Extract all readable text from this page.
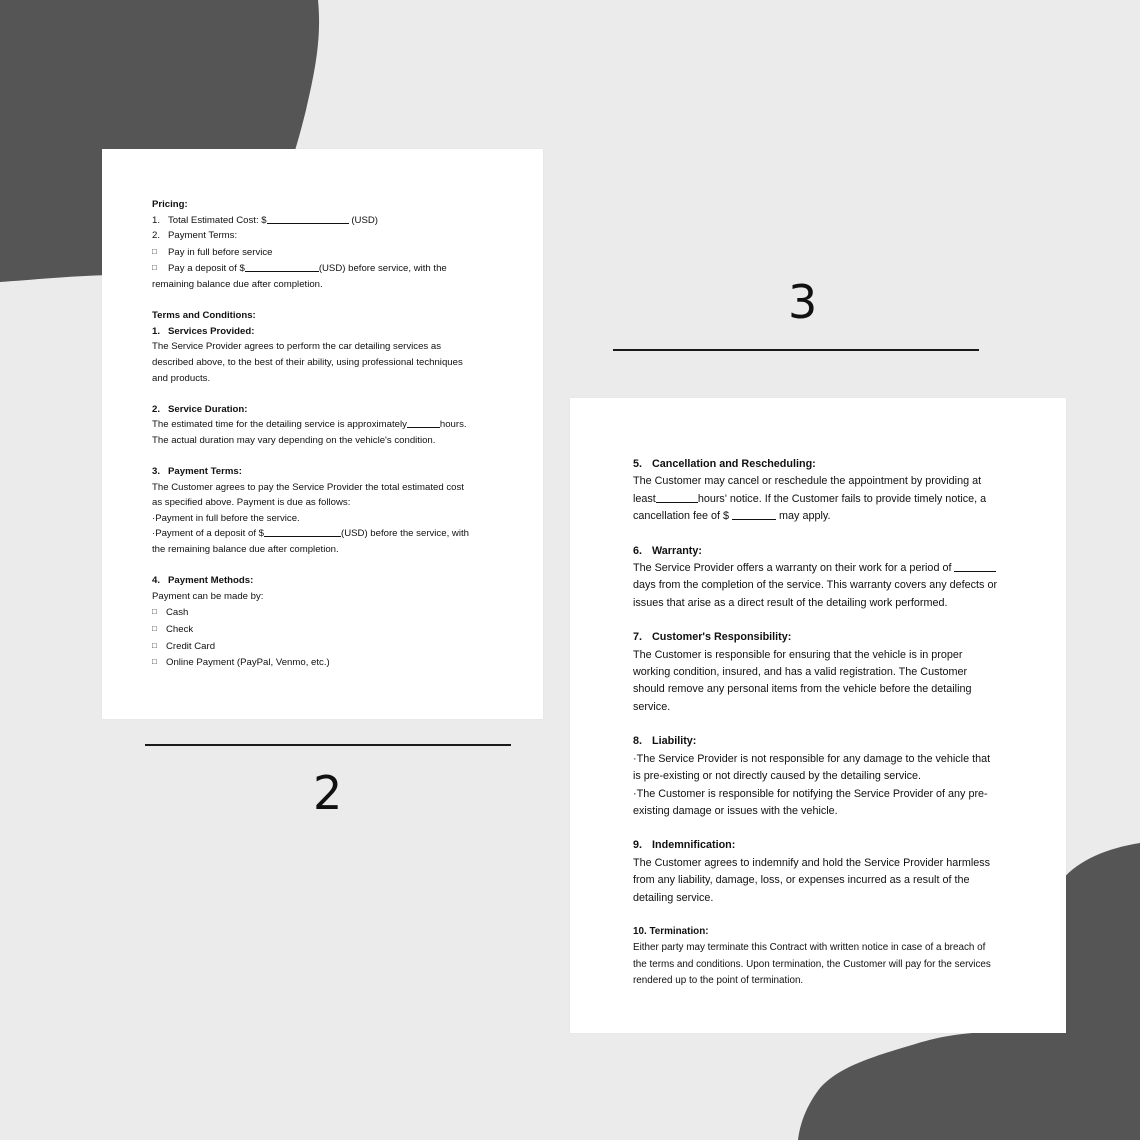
Pricing:
1. Total Estimated Cost: $	(USD)
2. Payment Terms:
□ Pay in full before service
□ Pay a deposit of $	(USD) before service, with the
remaining balance due after completion.
Terms and Conditions:
1. Services Provided:
The Service Provider agrees to perform the car detailing services as
described above, to the best of their ability, using professional techniques
and products.
2. Service Duration:
The estimated time for the detailing service is approximately	hours.
The actual duration may vary depending on the vehicle's condition.
3. Payment Terms:
The Customer agrees to pay the Service Provider the total estimated cost
as specified above. Payment is due as follows:
·Payment in full before the service.
·Payment of a deposit of $	(USD) before the service, with
the remaining balance due after completion.
4. Payment Methods:
Payment can be made by:
□ Cash
□ Check
□ Credit Card
□ Online Payment (PayPal, Venmo, etc.)
2
3
5. Cancellation and Rescheduling:
The Customer may cancel or reschedule the appointment by providing at
least	hours' notice. If the Customer fails to provide timely notice, a
cancellation fee of $	may apply.
6. Warranty:
The Service Provider offers a warranty on their work for a period of
days from the completion of the service. This warranty covers any defects or
issues that arise as a direct result of the detailing work performed.
7. Customer's Responsibility:
The Customer is responsible for ensuring that the vehicle is in proper
working condition, insured, and has a valid registration. The Customer
should remove any personal items from the vehicle before the detailing
service.
8. Liability:
·The Service Provider is not responsible for any damage to the vehicle that
is pre-existing or not directly caused by the detailing service.
·The Customer is responsible for notifying the Service Provider of any pre-
existing damage or issues with the vehicle.
9. Indemnification:
The Customer agrees to indemnify and hold the Service Provider harmless
from any liability, damage, loss, or expenses incurred as a result of the
detailing service.
10. Termination:
Either party may terminate this Contract with written notice in case of a breach of
the terms and conditions. Upon termination, the Customer will pay for the services
rendered up to the point of termination.
